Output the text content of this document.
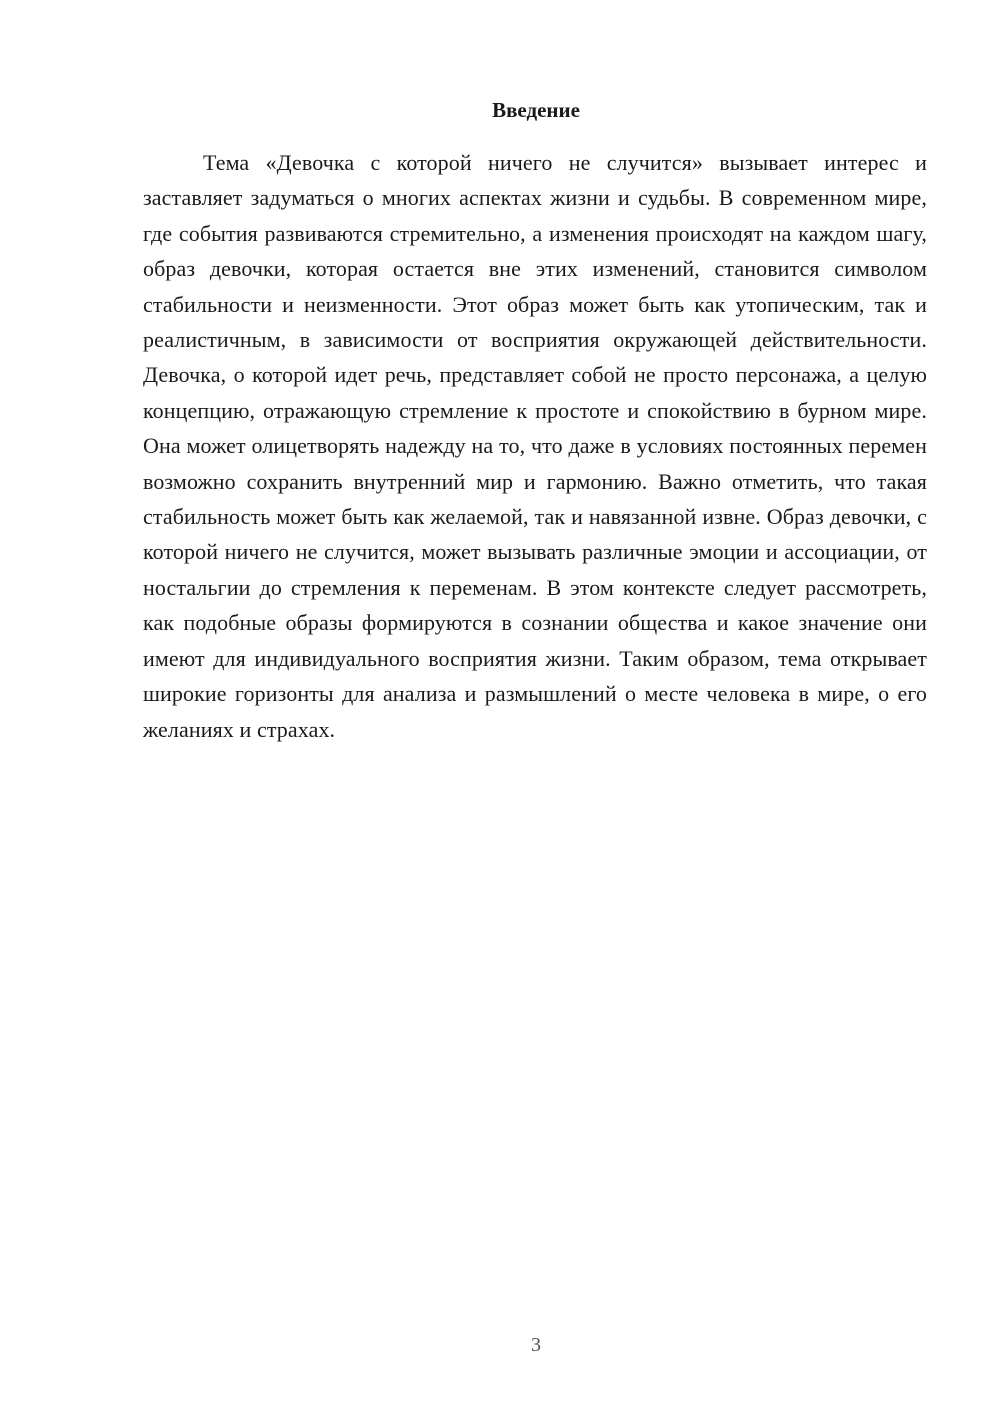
Введение

Тема «Девочка с которой ничего не случится» вызывает интерес и заставляет задуматься о многих аспектах жизни и судьбы. В современном мире, где события развиваются стремительно, а изменения происходят на каждом шагу, образ девочки, которая остается вне этих изменений, становится символом стабильности и неизменности. Этот образ может быть как утопическим, так и реалистичным, в зависимости от восприятия окружающей действительности. Девочка, о которой идет речь, представляет собой не просто персонажа, а целую концепцию, отражающую стремление к простоте и спокойствию в бурном мире. Она может олицетворять надежду на то, что даже в условиях постоянных перемен возможно сохранить внутренний мир и гармонию. Важно отметить, что такая стабильность может быть как желаемой, так и навязанной извне. Образ девочки, с которой ничего не случится, может вызывать различные эмоции и ассоциации, от ностальгии до стремления к переменам. В этом контексте следует рассмотреть, как подобные образы формируются в сознании общества и какое значение они имеют для индивидуального восприятия жизни. Таким образом, тема открывает широкие горизонты для анализа и размышлений о месте человека в мире, о его желаниях и страхах.

3
